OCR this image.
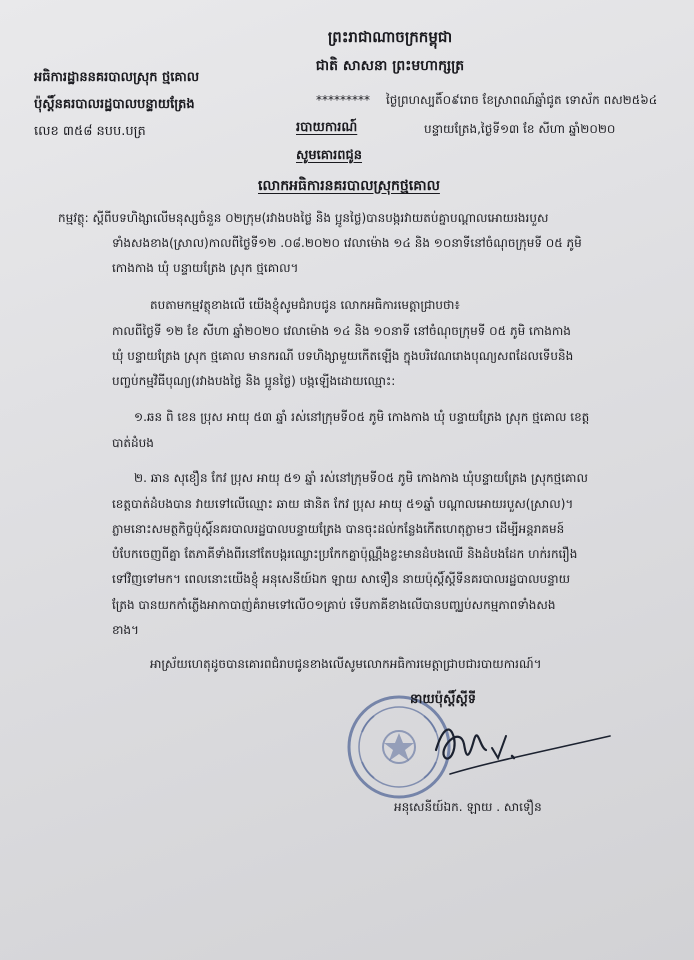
ព្រះរាជាណាចក្រកម្ពុជា
ជាតិ សាសនា ព្រះមហាក្សត្រ
អធិការដ្ឋាននគរបាលស្រុក ថ្មគោល
ប៉ុស្តិ៍នគរបាលរដ្ឋបាលបន្ទាយត្រែង	********* ថ្ងៃព្រហស្បតិ៍០៩រោច ខែស្រាពណ៍ឆ្នាំជូត ទោស័ក ពស២៥៦៤
លេខ ៣៥៨ នបប.បត្រ	របាយការណ៍	បន្ទាយត្រែង,ថ្ងៃទី១៣ ខែ សីហា ឆ្នាំ២០២០
សូមគោរពជូន
លោកអធិការនគរបាលស្រុកថ្មគោល
កម្មវត្ថុ: ស្តីពីបទហិង្សាលើមនុស្សចំនួន ០២ក្រុម(រវាងបងថ្លៃ និង ប្អូនថ្លៃ)បានបង្ករវាយតប់គ្នាបណ្តាលអោយរងរបួស
ទាំងសងខាង(ស្រាល)កាលពីថ្ងៃទី១២ .០៨.២០២០ វេលាម៉ោង ១៤ និង ១០នាទីនៅចំណុចក្រុមទី ០៥ ភូមិ
កោងកាង ឃុំ បន្ទាយត្រែង ស្រុក ថ្មគោល។
តបតាមកម្មវត្ថុខាងលើ យើងខ្ញុំសូមជំរាបជូន លោកអធិការមេត្តាជ្រាបថា៖
កាលពីថ្ងៃទី ១២ ខែ សីហា ឆ្នាំ២០២០ វេលាម៉ោង ១៤ និង ១០នាទី នៅចំណុចក្រុមទី ០៥ ភូមិ កោងកាង
ឃុំ បន្ទាយត្រែង ស្រុក ថ្មគោល មានករណី បទហិង្សាមួយកើតឡើង ក្នុងបរិវេណរោងបុណ្យសពដែលទើបនិង
បញ្ចប់កម្មវិធីបុណ្យ(រវាងបងថ្លៃ និង ប្អូនថ្លៃ) បង្កឡើងដោយឈ្មោះ:
១.ឆន ពិ ខេន ប្រុស អាយុ ៥៣ ឆ្នាំ រស់នៅក្រុមទី០៥ ភូមិ កោងកាង ឃុំ បន្ទាយត្រែង ស្រុក ថ្មគោល ខេត្ត
បាត់ដំបង
២. ឆាន សុខឿន កែវ ប្រុស អាយុ ៥១ ឆ្នាំ រស់នៅក្រុមទី០៥ ភូមិ កោងកាង ឃុំបន្ទាយត្រែង ស្រុកថ្មគោល
ខេត្តបាត់ដំបងបាន វាយទៅលើឈ្មោះ ឆាយ ផានិត កែវ ប្រុស អាយុ ៥១ឆ្នាំ បណ្តាលអោយរបួស(ស្រាល)។
ភ្លាមនោះសមត្ថកិច្ចប៉ុស្តិ៍នគរបាលរដ្ឋបាលបន្ទាយត្រែង បានចុះដល់កន្លែងកើតហេតុភ្លាមៗ ដើម្បីអន្តរាគមន៍
បំបែកចេញពីគ្នា តែភាគីទាំងពីរនៅតែបង្ករឈ្លោះប្រកែកគ្នាប៉ុណ្ណឹងខ្លះមានដំបងឈើ និងដំបងដែក ហក់រករឿង
ទៅវិញទៅមក។ ពេលនោះយើងខ្ញុំ អនុសេនីយ៍ឯក ឡាយ សាទឿន នាយប៉ុស្តិ៍ស្តីទីនគរបាលរដ្ឋបាលបន្ទាយ
ត្រែង បានយកកាំភ្លើងអាកាបាញ់គំរាមទៅលើ០១គ្រាប់ ទើបភាគីខាងលើបានបញ្ឈប់សកម្មភាពទាំងសង
ខាង។
អាស្រ័យហេតុដូចបានគោរពជំរាបជូនខាងលើសូមលោកអធិការមេត្តាជ្រាបជារបាយការណ៍។
នាយប៉ុស្តិ៍ស្តីទី
អនុសេនីយ៍ឯក. ឡាយ . សាទឿន
